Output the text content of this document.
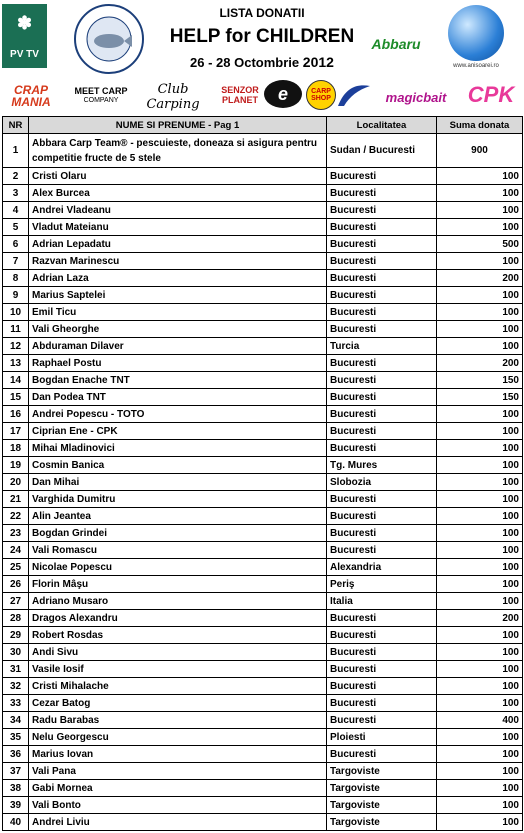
✽
PV TV
LISTA DONATII
HELP for CHILDREN
26 - 28 Octombrie 2012
Abbaru
www.anisoarei.ro
CRAP
MANIA
MEET CARP
COMPANY
Club Carping
SENZOR
PLANET	e	CARP SHOP	magicbait CPK
NR	NUME SI PRENUME - Pag 1	Localitatea	Suma donata
1	Abbara Carp Team® - pescuieste, doneaza si asigura pentru competitie fructe de 5 stele	Sudan / Bucuresti	900
2	Cristi Olaru	Bucuresti	100
3	Alex Burcea	Bucuresti	100
4	Andrei Vladeanu	Bucuresti	100
5	Vladut Mateianu	Bucuresti	100
6	Adrian Lepadatu	Bucuresti	500
7	Razvan Marinescu	Bucuresti	100
8	Adrian Laza	Bucuresti	200
9	Marius Saptelei	Bucuresti	100
10	Emil Ticu	Bucuresti	100
11	Vali Gheorghe	Bucuresti	100
12	Abduraman Dilaver	Turcia	100
13	Raphael Postu	Bucuresti	200
14	Bogdan Enache TNT	Bucuresti	150
15	Dan Podea TNT	Bucuresti	150
16	Andrei Popescu - TOTO	Bucuresti	100
17	Ciprian Ene - CPK	Bucuresti	100
18	Mihai Mladinovici	Bucuresti	100
19	Cosmin Banica	Tg. Mures	100
20	Dan Mihai	Slobozia	100
21	Varghida Dumitru	Bucuresti	100
22	Alin Jeantea	Bucuresti	100
23	Bogdan Grindei	Bucuresti	100
24	Vali Romascu	Bucuresti	100
25	Nicolae Popescu	Alexandria	100
26	Florin Mâşu	Periş	100
27	Adriano Musaro	Italia	100
28	Dragos Alexandru	Bucuresti	200
29	Robert Rosdas	Bucuresti	100
30	Andi Sivu	Bucuresti	100
31	Vasile Iosif	Bucuresti	100
32	Cristi Mihalache	Bucuresti	100
33	Cezar Batog	Bucuresti	100
34	Radu Barabas	Bucuresti	400
35	Nelu Georgescu	Ploiesti	100
36	Marius Iovan	Bucuresti	100
37	Vali Pana	Targoviste	100
38	Gabi Mornea	Targoviste	100
39	Vali Bonto	Targoviste	100
40	Andrei Liviu	Targoviste	100
